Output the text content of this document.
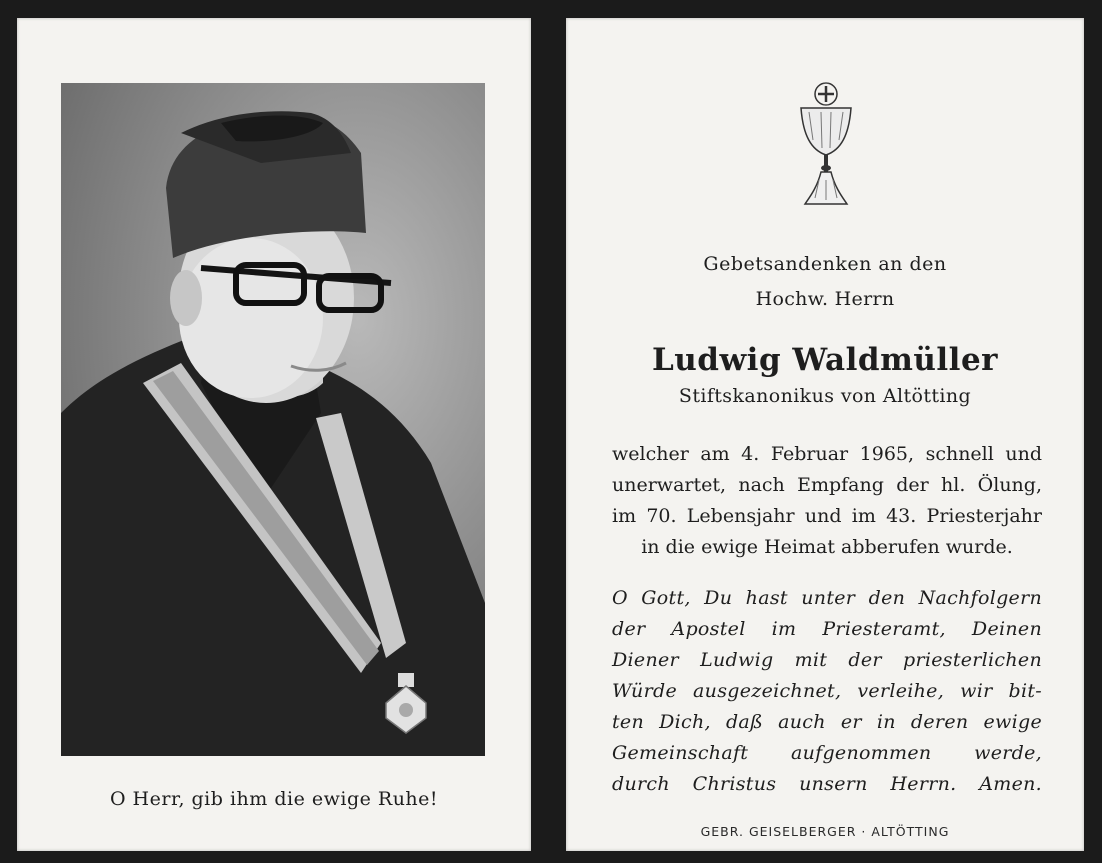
O Herr, gib ihm die ewige Ruhe!
Gebetsandenken an den
Hochw. Herrn
Ludwig Waldmüller
Stiftskanonikus von Altötting
welcher am 4. Februar 1965, schnell und
unerwartet, nach Empfang der hl. Ölung,
im 70. Lebensjahr und im 43. Priesterjahr
in die ewige Heimat abberufen wurde.
O Gott, Du hast unter den Nachfolgern
der Apostel im Priesteramt, Deinen
Diener Ludwig mit der priesterlichen
Würde ausgezeichnet, verleihe, wir bit-
ten Dich, daß auch er in deren ewige
Gemeinschaft aufgenommen werde,
durch Christus unsern Herrn. Amen.
GEBR. GEISELBERGER · ALTÖTTING
